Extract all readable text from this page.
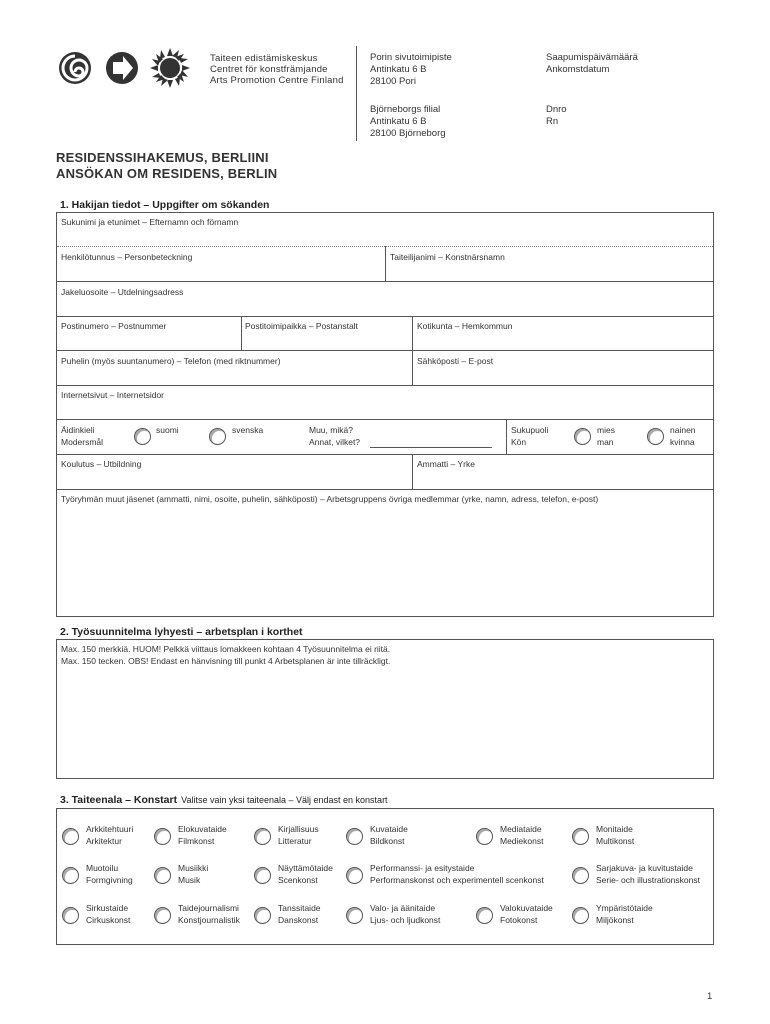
Taiteen edistämiskeskus
Centret för konstfrämjande
Arts Promotion Centre Finland
Porin sivutoimipiste
Antinkatu 6 B
28100 Pori
Björneborgs filial
Antinkatu 6 B
28100 Björneborg
Saapumispäivämäärä
Ankomstdatum
Dnro
Rn
RESIDENSSIHAKEMUS, BERLIINI
ANSÖKAN OM RESIDENS, BERLIN
1. Hakijan tiedot – Uppgifter om sökanden
Sukunimi ja etunimet – Efternamn och förnamn
Henkilötunnus – Personbeteckning	Taiteilijanimi – Konstnärsnamn
Jakeluosoite – Utdelningsadress
Postinumero – Postnummer	Postitoimipaikka – Postanstalt	Kotikunta – Hemkommun
Puhelin (myös suuntanumero) – Telefon (med riktnummer)	Sähköposti – E-post
Internetsivut – Internetsidor
Äidinkieli
Modersmål
suomi	svenska	Muu, mikä?
Annat, vilket?
Sukupuoli
Kön
mies
man
nainen
kvinna
Koulutus – Utbildning	Ammatti – Yrke
Työryhmän muut jäsenet (ammatti, nimi, osoite, puhelin, sähköposti) – Arbetsgruppens övriga medlemmar (yrke, namn, adress, telefon, e-post)
2. Työsuunnitelma lyhyesti – arbetsplan i korthet
Max. 150 merkkiä. HUOM! Pelkkä viittaus lomakkeen kohtaan 4 Työsuunnitelma ei riitä.
Max. 150 tecken. OBS! Endast en hänvisning till punkt 4 Arbetsplanen är inte tillräckligt.
3. Taiteenala – Konstart Valitse vain yksi taiteenala – Välj endast en konstart
Arkkitehtuuri
Arkitektur
Elokuvataide
Filmkonst
Kirjallisuus
Litteratur
Kuvataide
Bildkonst
Mediataide
Mediekonst
Monitaide
Multikonst
Muotoilu
Formgivning
Musiikki
Musik
Näyttämötaide
Scenkonst
Performanssi- ja esitystaide
Performanskonst och experimentell scenkonst
Sarjakuva- ja kuvitustaide
Serie- och illustrationskonst
Sirkustaide
Cirkuskonst
Taidejournalismi
Konstjournalistik
Tanssitaide
Danskonst
Valo- ja äänitaide
Ljus- och ljudkonst
Valokuvataide
Fotokonst
Ympäristötaide
Miljökonst
1
